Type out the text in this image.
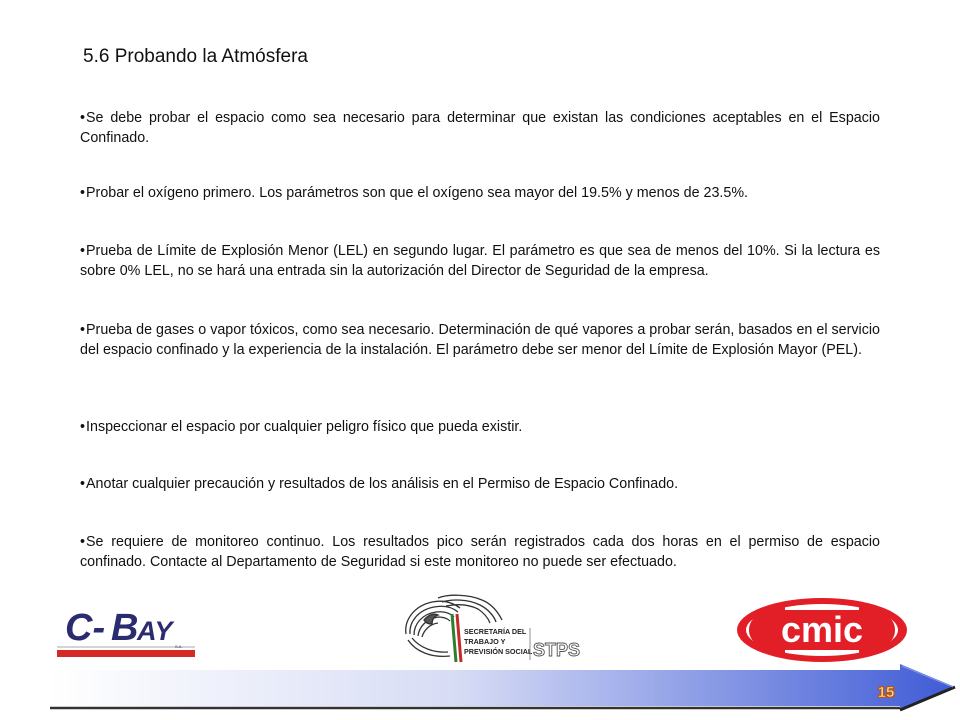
5.6 Probando la Atmósfera
•Se debe probar el espacio como sea necesario para determinar que existan las condiciones aceptables en el Espacio Confinado.
•Probar el oxígeno primero. Los parámetros son que el oxígeno sea mayor del 19.5% y menos de 23.5%.
•Prueba de Límite de Explosión Menor (LEL) en segundo lugar. El parámetro es que sea de menos del 10%. Si la lectura es sobre 0% LEL, no se hará una entrada sin la autorización del Director de Seguridad de la empresa.
•Prueba de gases o vapor tóxicos, como sea necesario. Determinación de qué vapores a probar serán, basados en el servicio del espacio confinado y la experiencia de la instalación. El parámetro debe ser menor del Límite de Explosión Mayor (PEL).
•Inspeccionar el espacio por cualquier peligro físico que pueda existir.
•Anotar cualquier precaución y resultados de los análisis en el Permiso de Espacio Confinado.
•Se requiere de monitoreo continuo. Los resultados pico serán registrados cada dos horas en el permiso de espacio confinado. Contacte al Departamento de Seguridad si este monitoreo no puede ser efectuado.
C- B
AY
S.A.
SECRETARÍA DEL
TRABAJO Y
PREVISIÓN SOCIAL STPS	cmic
15
